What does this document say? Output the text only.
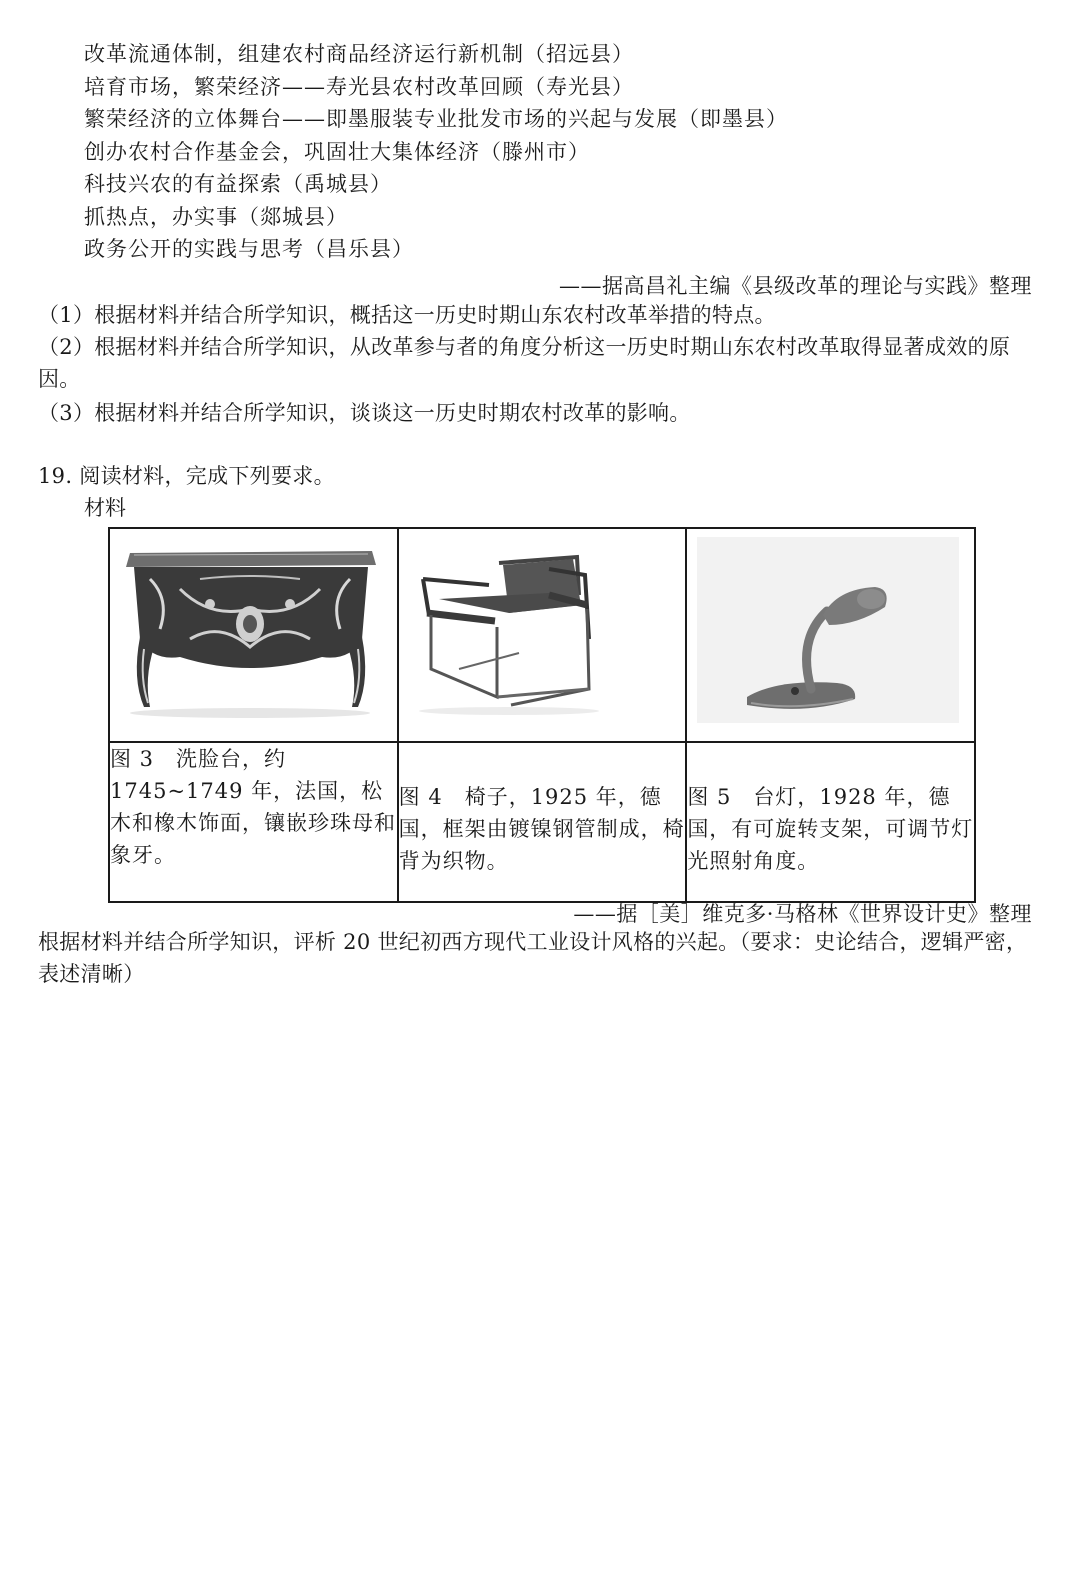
改革流通体制，组建农村商品经济运行新机制（招远县）
培育市场，繁荣经济——寿光县农村改革回顾（寿光县）
繁荣经济的立体舞台——即墨服装专业批发市场的兴起与发展（即墨县）
创办农村合作基金会，巩固壮大集体经济（滕州市）
科技兴农的有益探索（禹城县）
抓热点，办实事（郯城县）
政务公开的实践与思考（昌乐县）
——据高昌礼主编《县级改革的理论与实践》整理
（1）根据材料并结合所学知识，概括这一历史时期山东农村改革举措的特点。
（2）根据材料并结合所学知识，从改革参与者的角度分析这一历史时期山东农村改革取得显著成效的原因。
（3）根据材料并结合所学知识，谈谈这一历史时期农村改革的影响。
19. 阅读材料，完成下列要求。
材料

图 3　洗脸台，约 1745~1749 年，法国，松木和橡木饰面，镶嵌珍珠母和象牙。	图 4　椅子，1925 年，德国，框架由镀镍钢管制成，椅背为织物。	图 5　台灯，1928 年，德国，有可旋转支架，可调节灯光照射角度。
——据［美］维克多·马格林《世界设计史》整理
根据材料并结合所学知识，评析 20 世纪初西方现代工业设计风格的兴起。（要求：史论结合，逻辑严密，表述清晰）
